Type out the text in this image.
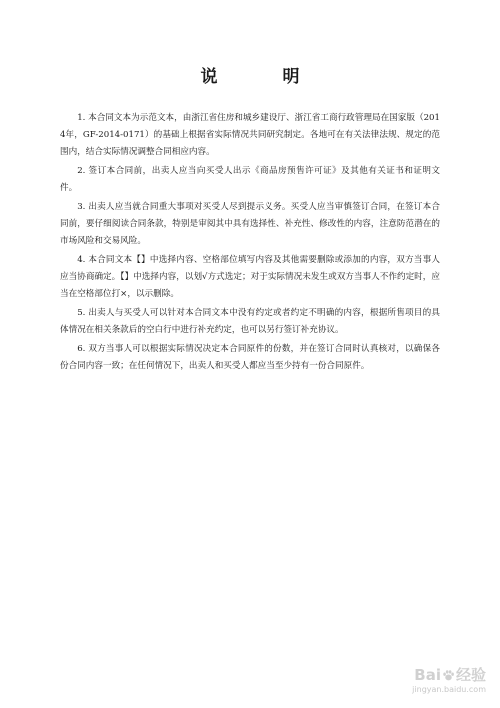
说　明

1. 本合同文本为示范文本，由浙江省住房和城乡建设厅、浙江省工商行政管理局在国家版（2014年，GF-2014-0171）的基础上根据省实际情况共同研究制定。各地可在有关法律法规、规定的范围内，结合实际情况调整合同相应内容。

2. 签订本合同前，出卖人应当向买受人出示《商品房预售许可证》及其他有关证书和证明文件。

3. 出卖人应当就合同重大事项对买受人尽到提示义务。买受人应当审慎签订合同，在签订本合同前，要仔细阅读合同条款，特别是审阅其中具有选择性、补充性、修改性的内容，注意防范潜在的市场风险和交易风险。

4. 本合同文本【】中选择内容、空格部位填写内容及其他需要删除或添加的内容，双方当事人应当协商确定。【】中选择内容，以划√方式选定；对于实际情况未发生或双方当事人不作约定时，应当在空格部位打×，以示删除。

5. 出卖人与买受人可以针对本合同文本中没有约定或者约定不明确的内容，根据所售项目的具体情况在相关条款后的空白行中进行补充约定，也可以另行签订补充协议。

6. 双方当事人可以根据实际情况决定本合同原件的份数，并在签订合同时认真核对，以确保各份合同内容一致；在任何情况下，出卖人和买受人都应当至少持有一份合同原件。

Bai 经验
jingyan.baidu.com
